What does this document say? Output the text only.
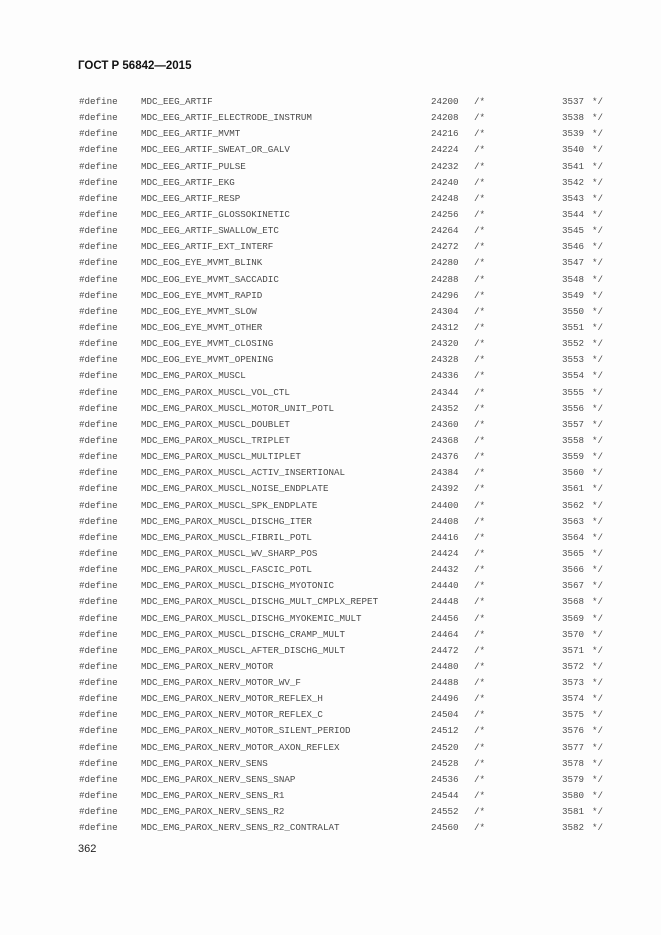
ГОСТ Р 56842—2015
#define	MDC_EEG_ARTIF	24200 /*	3537 */
#define	MDC_EEG_ARTIF_ELECTRODE_INSTRUM	24208 /*	3538 */
#define	MDC_EEG_ARTIF_MVMT	24216 /*	3539 */
#define	MDC_EEG_ARTIF_SWEAT_OR_GALV	24224 /*	3540 */
#define	MDC_EEG_ARTIF_PULSE	24232 /*	3541 */
#define	MDC_EEG_ARTIF_EKG	24240 /*	3542 */
#define	MDC_EEG_ARTIF_RESP	24248 /*	3543 */
#define	MDC_EEG_ARTIF_GLOSSOKINETIC	24256 /*	3544 */
#define	MDC_EEG_ARTIF_SWALLOW_ETC	24264 /*	3545 */
#define	MDC_EEG_ARTIF_EXT_INTERF	24272 /*	3546 */
#define	MDC_EOG_EYE_MVMT_BLINK	24280 /*	3547 */
#define	MDC_EOG_EYE_MVMT_SACCADIC	24288 /*	3548 */
#define	MDC_EOG_EYE_MVMT_RAPID	24296 /*	3549 */
#define	MDC_EOG_EYE_MVMT_SLOW	24304 /*	3550 */
#define	MDC_EOG_EYE_MVMT_OTHER	24312 /*	3551 */
#define	MDC_EOG_EYE_MVMT_CLOSING	24320 /*	3552 */
#define	MDC_EOG_EYE_MVMT_OPENING	24328 /*	3553 */
#define	MDC_EMG_PAROX_MUSCL	24336 /*	3554 */
#define	MDC_EMG_PAROX_MUSCL_VOL_CTL	24344 /*	3555 */
#define	MDC_EMG_PAROX_MUSCL_MOTOR_UNIT_POTL	24352 /*	3556 */
#define	MDC_EMG_PAROX_MUSCL_DOUBLET	24360 /*	3557 */
#define	MDC_EMG_PAROX_MUSCL_TRIPLET	24368 /*	3558 */
#define	MDC_EMG_PAROX_MUSCL_MULTIPLET	24376 /*	3559 */
#define	MDC_EMG_PAROX_MUSCL_ACTIV_INSERTIONAL	24384 /*	3560 */
#define	MDC_EMG_PAROX_MUSCL_NOISE_ENDPLATE	24392 /*	3561 */
#define	MDC_EMG_PAROX_MUSCL_SPK_ENDPLATE	24400 /*	3562 */
#define	MDC_EMG_PAROX_MUSCL_DISCHG_ITER	24408 /*	3563 */
#define	MDC_EMG_PAROX_MUSCL_FIBRIL_POTL	24416 /*	3564 */
#define	MDC_EMG_PAROX_MUSCL_WV_SHARP_POS	24424 /*	3565 */
#define	MDC_EMG_PAROX_MUSCL_FASCIC_POTL	24432 /*	3566 */
#define	MDC_EMG_PAROX_MUSCL_DISCHG_MYOTONIC	24440 /*	3567 */
#define	MDC_EMG_PAROX_MUSCL_DISCHG_MULT_CMPLX_REPET	24448 /*	3568 */
#define	MDC_EMG_PAROX_MUSCL_DISCHG_MYOKEMIC_MULT	24456 /*	3569 */
#define	MDC_EMG_PAROX_MUSCL_DISCHG_CRAMP_MULT	24464 /*	3570 */
#define	MDC_EMG_PAROX_MUSCL_AFTER_DISCHG_MULT	24472 /*	3571 */
#define	MDC_EMG_PAROX_NERV_MOTOR	24480 /*	3572 */
#define	MDC_EMG_PAROX_NERV_MOTOR_WV_F	24488 /*	3573 */
#define	MDC_EMG_PAROX_NERV_MOTOR_REFLEX_H	24496 /*	3574 */
#define	MDC_EMG_PAROX_NERV_MOTOR_REFLEX_C	24504 /*	3575 */
#define	MDC_EMG_PAROX_NERV_MOTOR_SILENT_PERIOD	24512 /*	3576 */
#define	MDC_EMG_PAROX_NERV_MOTOR_AXON_REFLEX	24520 /*	3577 */
#define	MDC_EMG_PAROX_NERV_SENS	24528 /*	3578 */
#define	MDC_EMG_PAROX_NERV_SENS_SNAP	24536 /*	3579 */
#define	MDC_EMG_PAROX_NERV_SENS_R1	24544 /*	3580 */
#define	MDC_EMG_PAROX_NERV_SENS_R2	24552 /*	3581 */
#define	MDC_EMG_PAROX_NERV_SENS_R2_CONTRALAT	24560 /*	3582 */
362
